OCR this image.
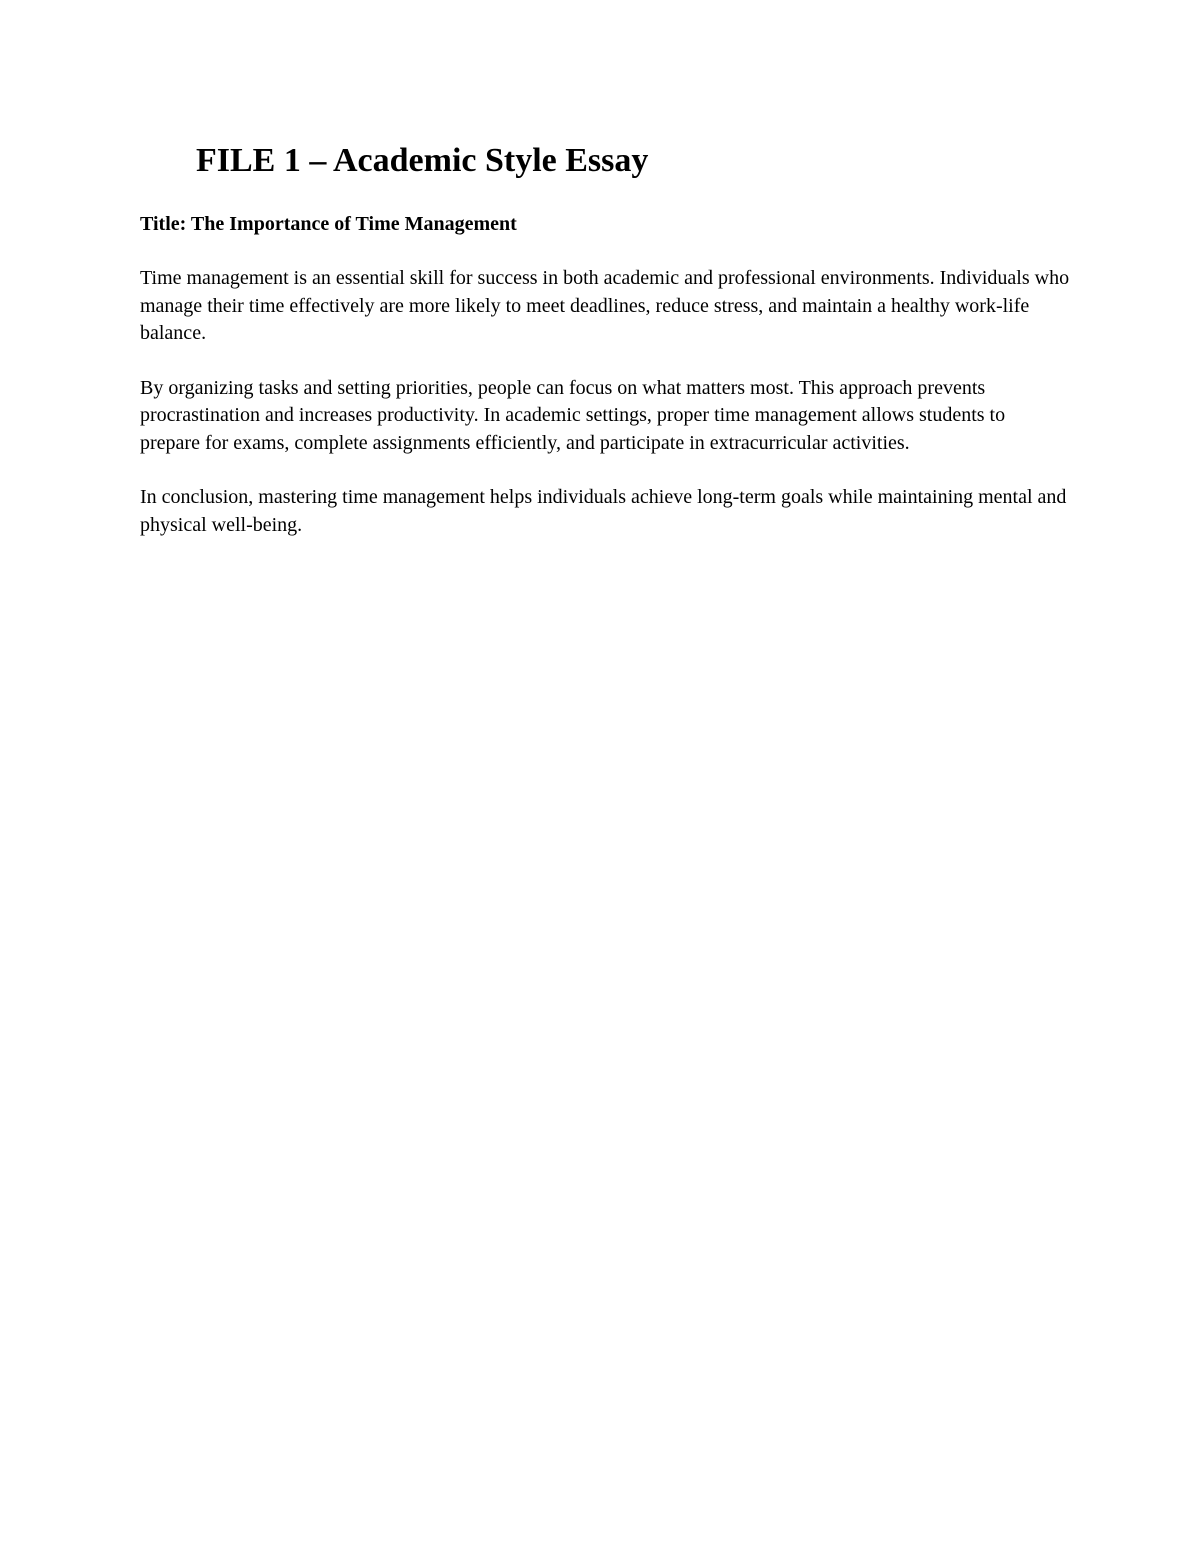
FILE 1 – Academic Style Essay

Title: The Importance of Time Management

Time management is an essential skill for success in both academic and professional environments. Individuals who manage their time effectively are more likely to meet deadlines, reduce stress, and maintain a healthy work-life balance.

By organizing tasks and setting priorities, people can focus on what matters most. This approach prevents procrastination and increases productivity. In academic settings, proper time management allows students to prepare for exams, complete assignments efficiently, and participate in extracurricular activities.

In conclusion, mastering time management helps individuals achieve long-term goals while maintaining mental and physical well-being.
